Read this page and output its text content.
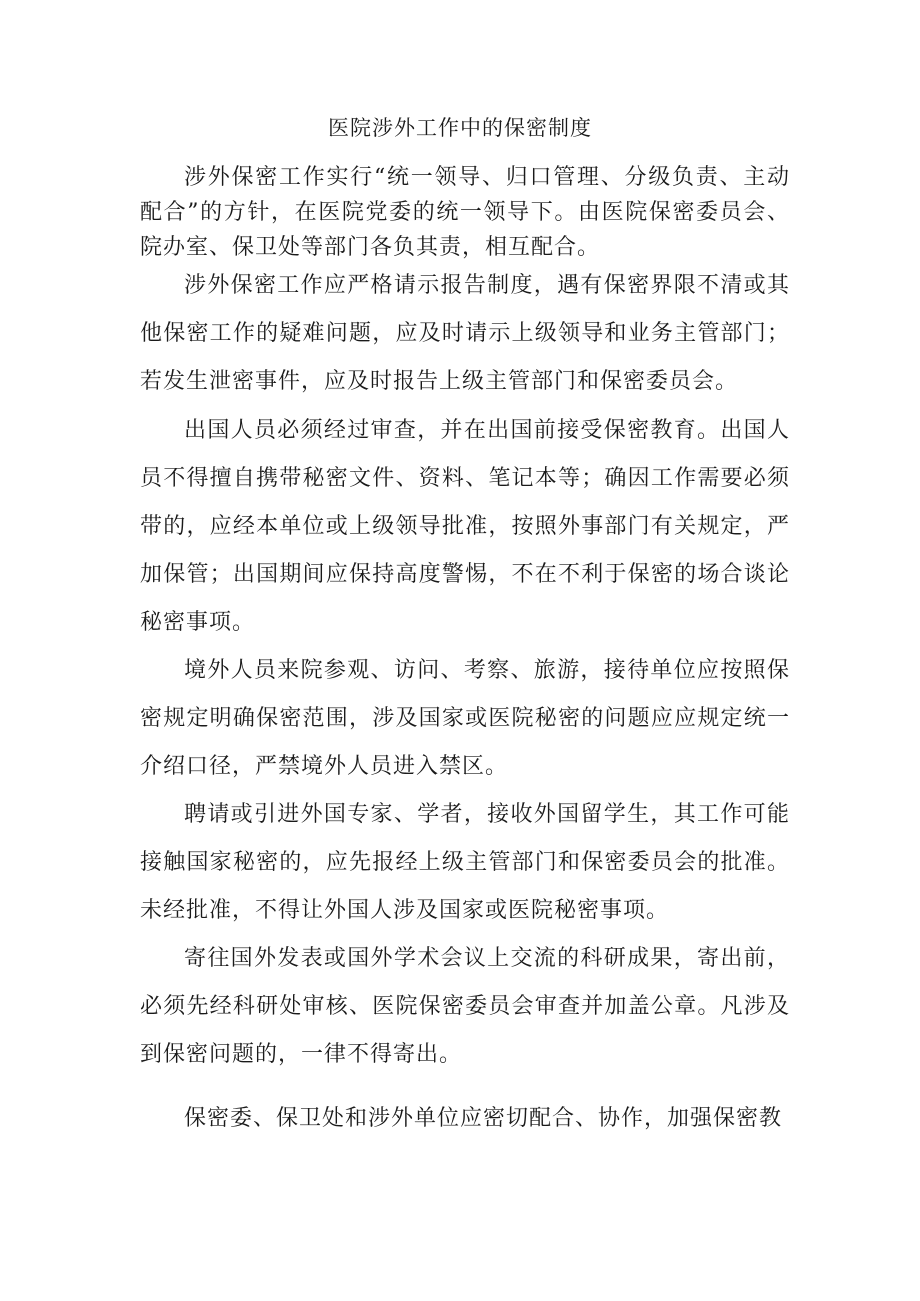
医院涉外工作中的保密制度

涉外保密工作实行“统一领导、归口管理、分级负责、主动配合”的方针，在医院党委的统一领导下。由医院保密委员会、院办室、保卫处等部门各负其责，相互配合。

涉外保密工作应严格请示报告制度，遇有保密界限不清或其他保密工作的疑难问题，应及时请示上级领导和业务主管部门；若发生泄密事件，应及时报告上级主管部门和保密委员会。

出国人员必须经过审查，并在出国前接受保密教育。出国人员不得擅自携带秘密文件、资料、笔记本等；确因工作需要必须带的，应经本单位或上级领导批准，按照外事部门有关规定，严加保管；出国期间应保持高度警惕，不在不利于保密的场合谈论秘密事项。

境外人员来院参观、访问、考察、旅游，接待单位应按照保密规定明确保密范围，涉及国家或医院秘密的问题应应规定统一介绍口径，严禁境外人员进入禁区。

聘请或引进外国专家、学者，接收外国留学生，其工作可能接触国家秘密的，应先报经上级主管部门和保密委员会的批准。未经批准，不得让外国人涉及国家或医院秘密事项。

寄往国外发表或国外学术会议上交流的科研成果，寄出前，必须先经科研处审核、医院保密委员会审查并加盖公章。凡涉及到保密问题的，一律不得寄出。

保密委、保卫处和涉外单位应密切配合、协作，加强保密教
